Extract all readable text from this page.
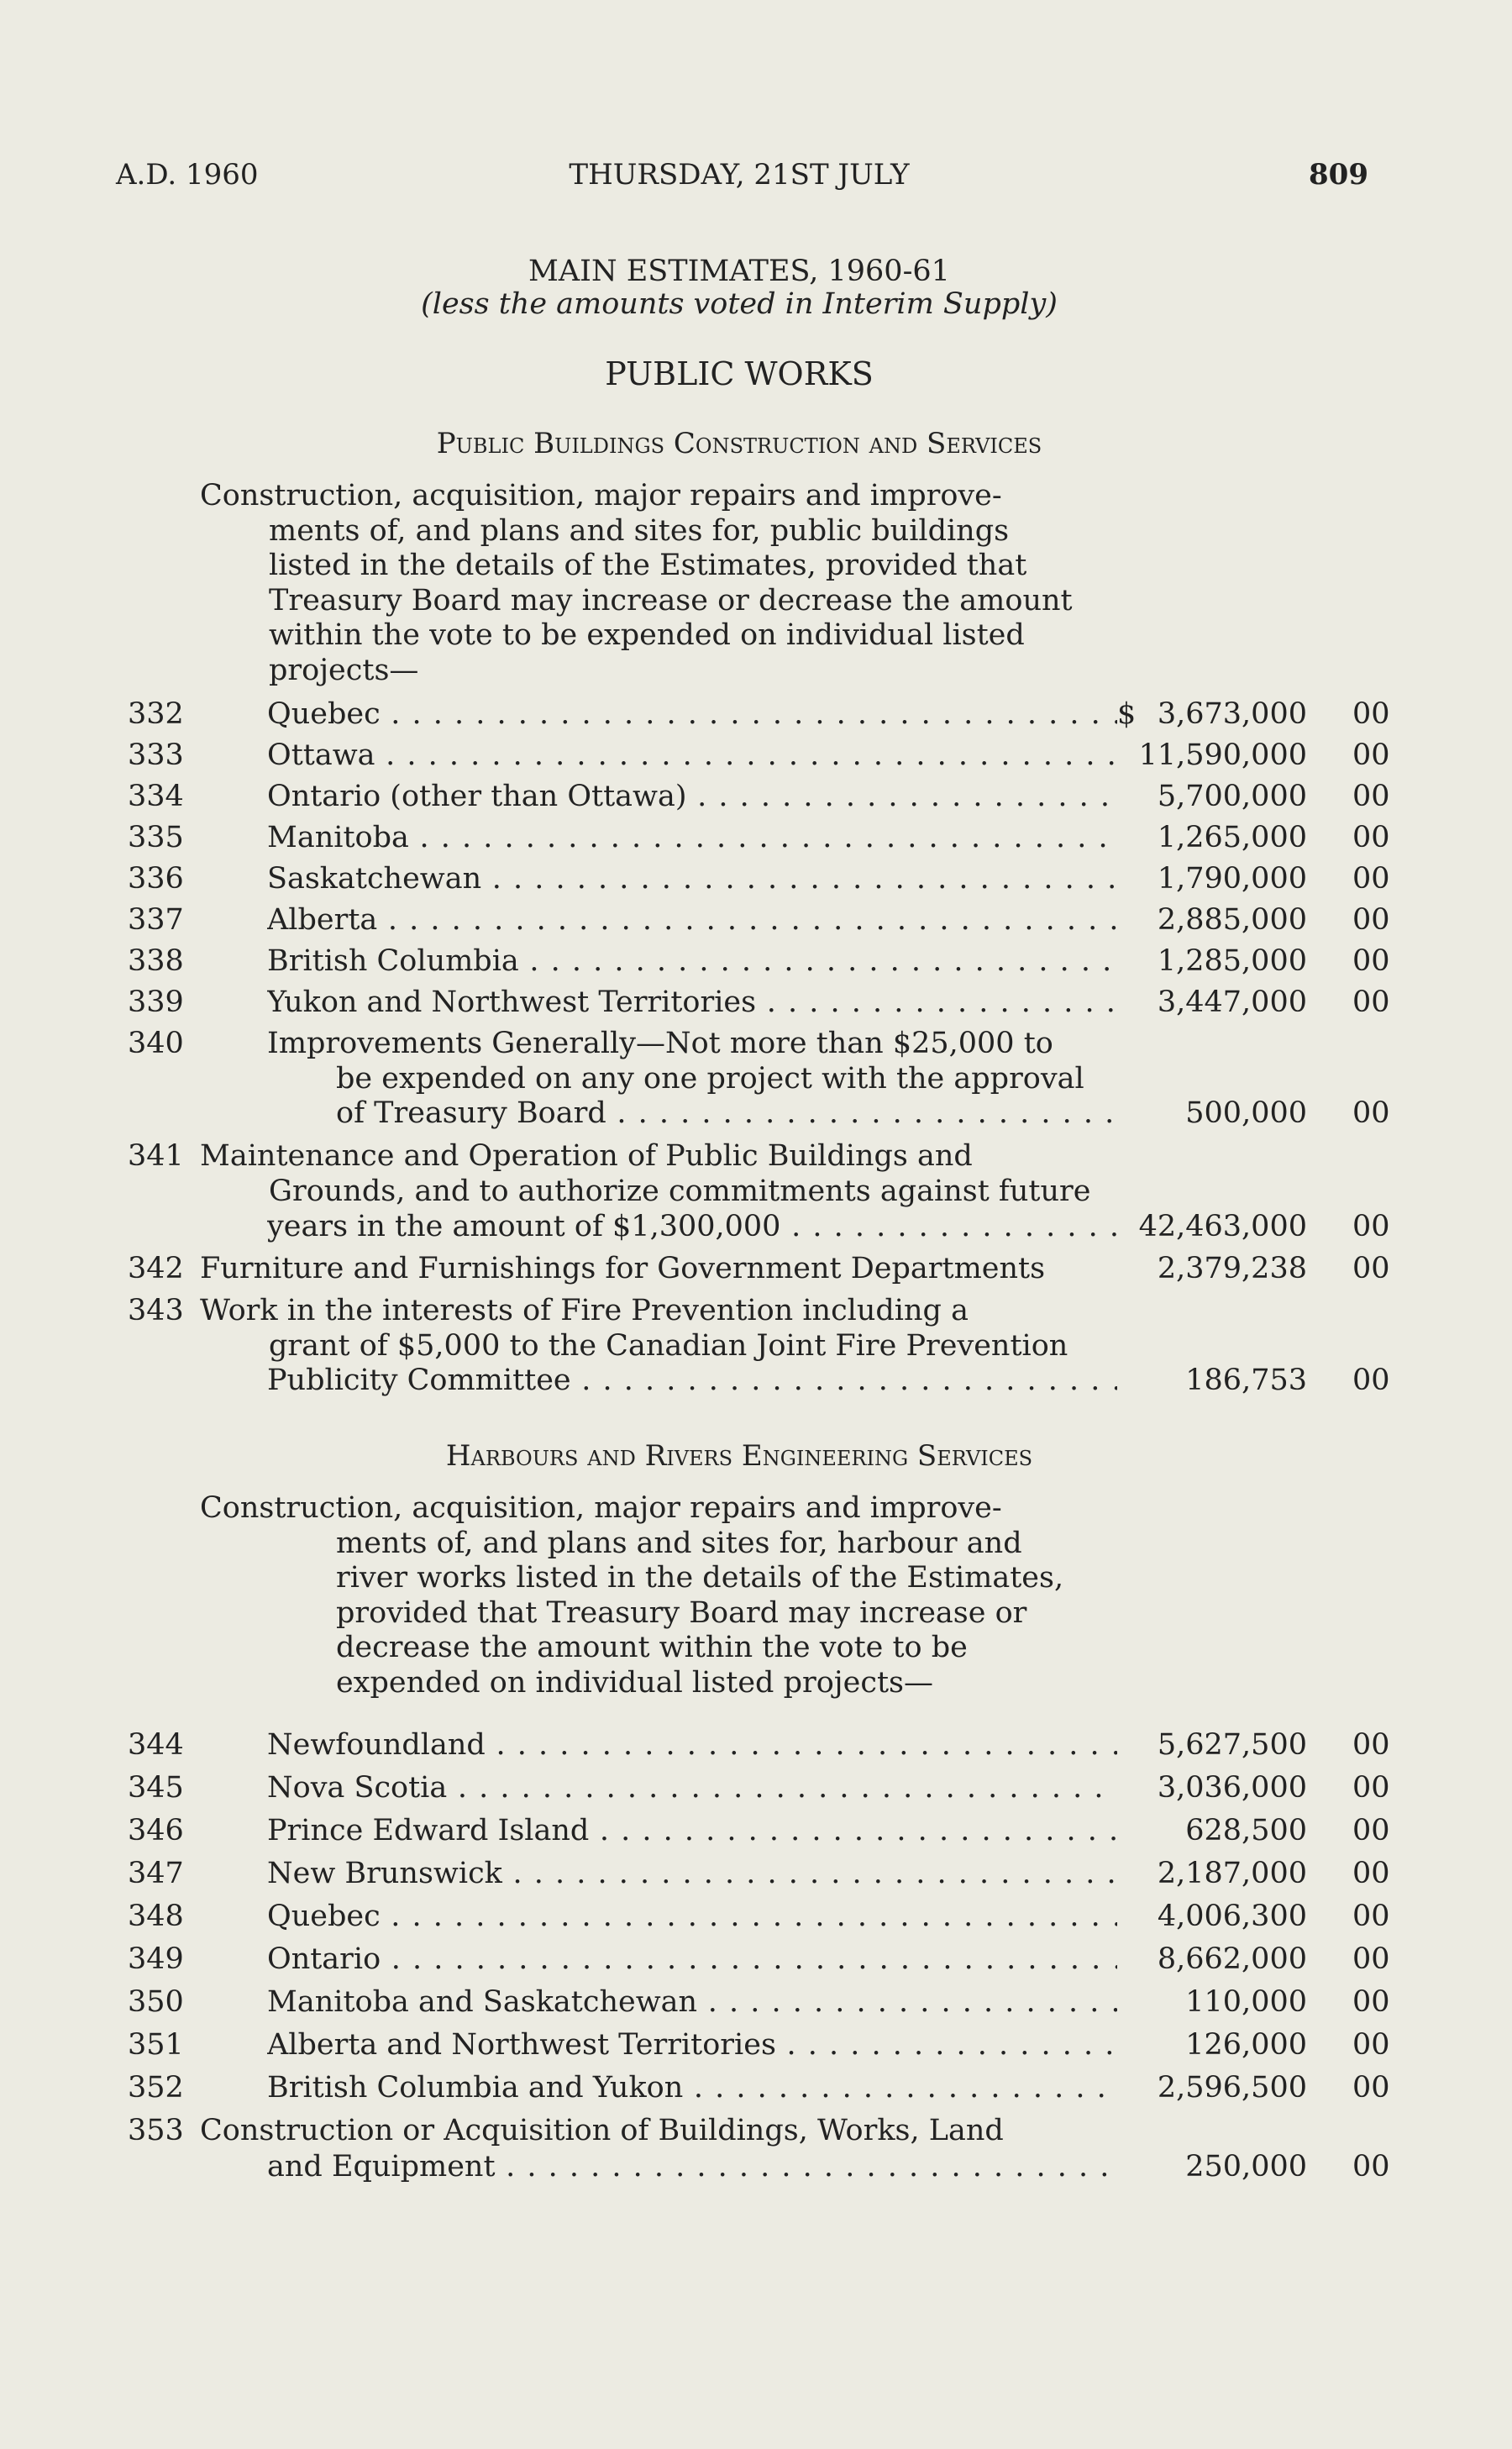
A.D. 1960	THURSDAY, 21ST JULY	809
MAIN ESTIMATES, 1960-61
(less the amounts voted in Interim Supply)
PUBLIC WORKS
Public Buildings Construction and Services
Construction, acquisition, major repairs and improve-
ments of, and plans and sites for, public buildings
listed in the details of the Estimates, provided that
Treasury Board may increase or decrease the amount
within the vote to be expended on individual listed
projects—
332	Quebec . . .	$ 3,673,000 00
333	Ottawa . . .	11,590,000 00
334	Ontario (other than Ottawa) . . .	5,700,000 00
335	Manitoba . . .	1,265,000 00
336	Saskatchewan . . .	1,790,000 00
337	Alberta . . .	2,885,000 00
338	British Columbia . . .	1,285,000 00
339	Yukon and Northwest Territories . . .	3,447,000 00
340	Improvements Generally—Not more than $25,000 to
be expended on any one project with the approval
of Treasury Board . . .	500,000 00
341 Maintenance and Operation of Public Buildings and
Grounds, and to authorize commitments against future
years in the amount of $1,300,000 . . .	42,463,000 00
342 Furniture and Furnishings for Government Departments	2,379,238 00
343 Work in the interests of Fire Prevention including a
grant of $5,000 to the Canadian Joint Fire Prevention
Publicity Committee . . .	186,753 00
Harbours and Rivers Engineering Services
Construction, acquisition, major repairs and improve-
ments of, and plans and sites for, harbour and
river works listed in the details of the Estimates,
provided that Treasury Board may increase or
decrease the amount within the vote to be
expended on individual listed projects—
344	Newfoundland . . .	5,627,500 00
345	Nova Scotia . . .	3,036,000 00
346	Prince Edward Island . . .	628,500 00
347	New Brunswick . . .	2,187,000 00
348	Quebec . . .	4,006,300 00
349	Ontario . . .	8,662,000 00
350	Manitoba and Saskatchewan . . .	110,000 00
351	Alberta and Northwest Territories . . .	126,000 00
352	British Columbia and Yukon . . .	2,596,500 00
353 Construction or Acquisition of Buildings, Works, Land
and Equipment . . .	250,000 00
